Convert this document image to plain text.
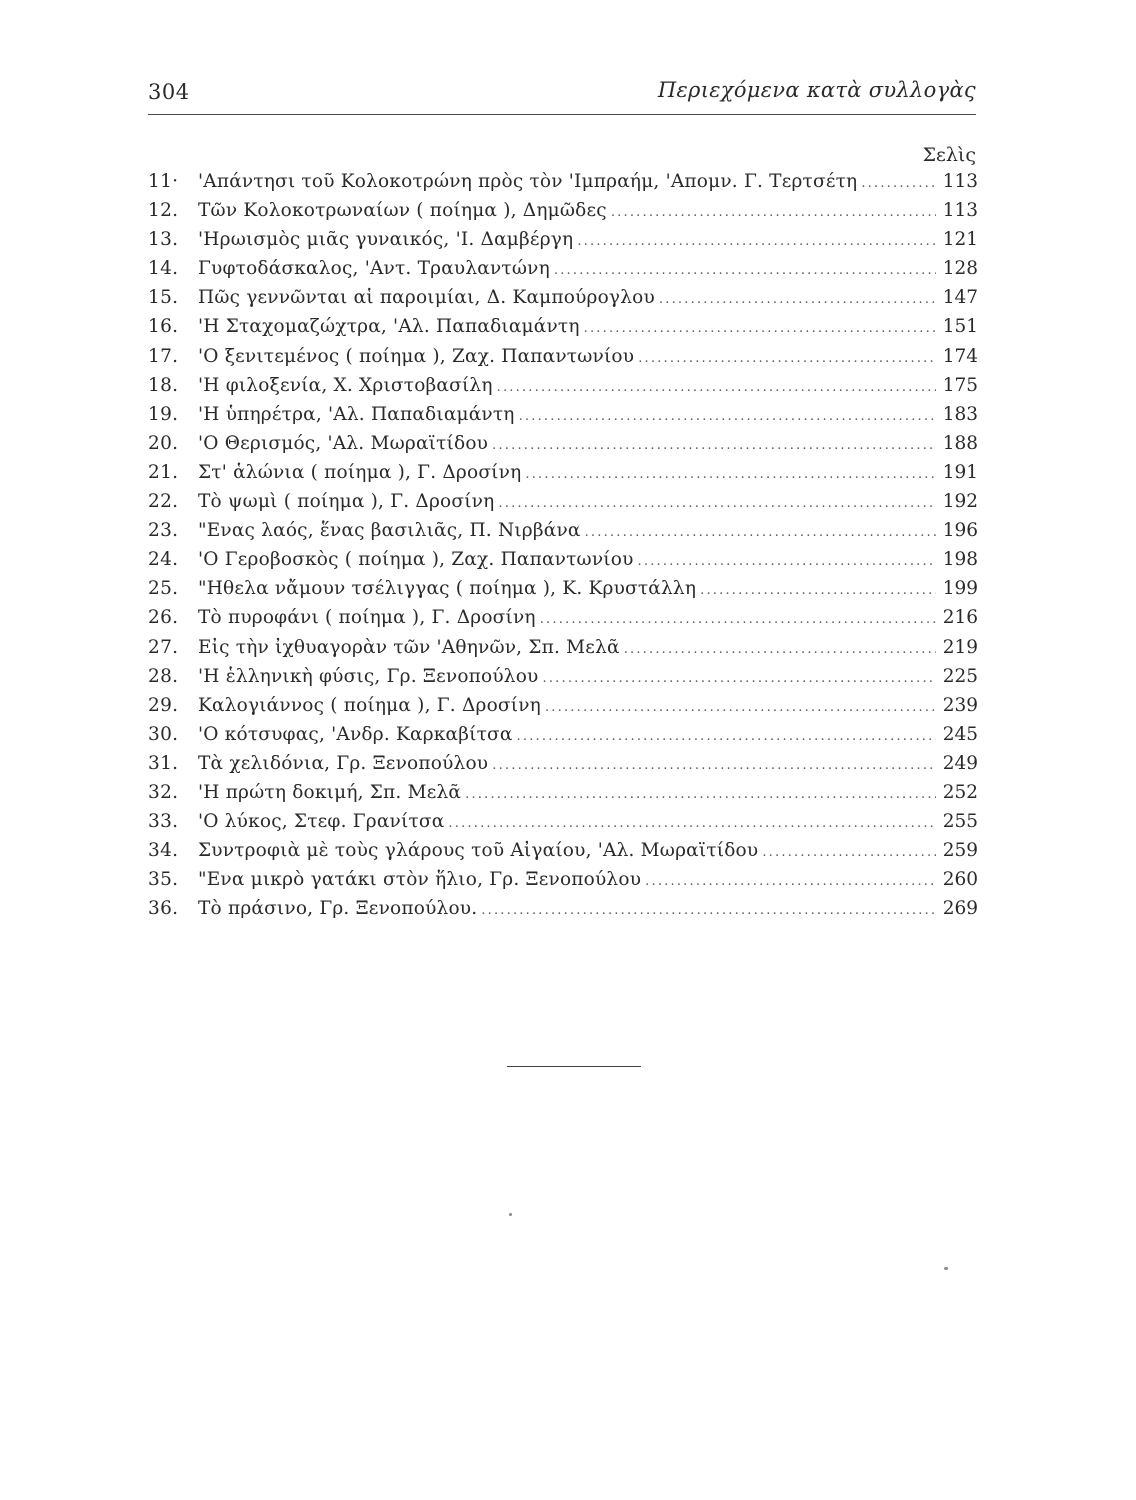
304	Περιεχόμενα κατὰ συλλογὰς
Σελὶς
11·	'Απάντησι τοῦ Κολοκοτρώνη πρὸς τὸν 'Ιμπραήμ, 'Απομν. Γ. Τερτσέτη .....	113
12.	Τῶν Κολοκοτρωναίων ( ποίημα ), Δημῶδες .....	113
13.	'Ηρωισμὸς μιᾶς γυναικός, 'Ι. Δαμβέργη .....	121
14.	Γυφτοδάσκαλος, 'Αντ. Τραυλαντώνη .....	128
15.	Πῶς γεννῶνται αἱ παροιμίαι, Δ. Καμπούρογλου .....	147
16.	'Η Σταχομαζώχτρα, 'Αλ. Παπαδιαμάντη .....	151
17.	'Ο ξενιτεμένος ( ποίημα ), Ζαχ. Παπαντωνίου .....	174
18.	'Η φιλοξενία, Χ. Χριστοβασίλη .....	175
19.	'Η ὑπηρέτρα, 'Αλ. Παπαδιαμάντη .....	183
20.	'Ο Θερισμός, 'Αλ. Μωραϊτίδου .....	188
21.	Στ' ἁλώνια ( ποίημα ), Γ. Δροσίνη .....	191
22.	Τὸ ψωμὶ ( ποίημα ), Γ. Δροσίνη .....	192
23.	"Ενας λαός, ἕνας βασιλιᾶς, Π. Νιρβάνα .....	196
24.	'Ο Γεροβοσκὸς ( ποίημα ), Ζαχ. Παπαντωνίου .....	198
25.	"Ηθελα νἄμουν τσέλιγγας ( ποίημα ), Κ. Κρυστάλλη .....	199
26.	Τὸ πυροφάνι ( ποίημα ), Γ. Δροσίνη .....	216
27.	Εἰς τὴν ἰχθυαγορὰν τῶν 'Αθηνῶν, Σπ. Μελᾶ .....	219
28.	'Η ἑλληνικὴ φύσις, Γρ. Ξενοπούλου .....	225
29.	Καλογιάννος ( ποίημα ), Γ. Δροσίνη .....	239
30.	'Ο κότσυφας, 'Ανδρ. Καρκαβίτσα .....	245
31.	Τὰ χελιδόνια, Γρ. Ξενοπούλου .....	249
32.	'Η πρώτη δοκιμή, Σπ. Μελᾶ .....	252
33.	'Ο λύκος, Στεφ. Γρανίτσα .....	255
34.	Συντροφιὰ μὲ τοὺς γλάρους τοῦ Αἰγαίου, 'Αλ. Μωραϊτίδου .....	259
35.	"Ενα μικρὸ γατάκι στὸν ἥλιο, Γρ. Ξενοπούλου .....	260
36.	Τὸ πράσινο, Γρ. Ξενοπούλου. .....	269
